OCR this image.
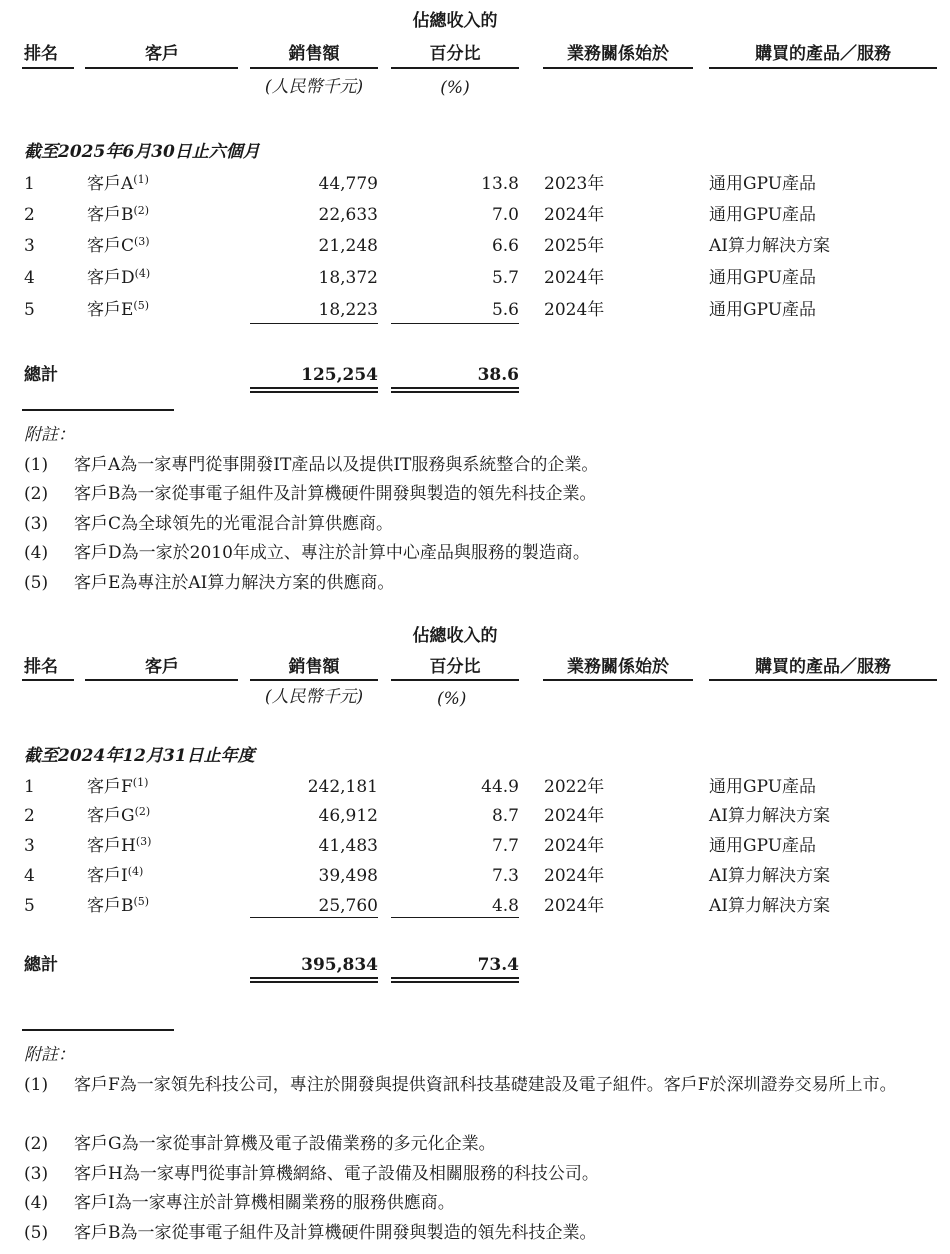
佔總收入的
排名	客戶	銷售額	百分比	業務關係始於	購買的產品／服務
(人民幣千元)	(%)
截至2025年6月30日止六個月
1	客戶$A^{(1)}$	44,779	13.8 2023年	通用GPU產品
2	客戶$B^{(2)}$	22,633	7.0 2024年	通用GPU產品
3	客戶$C^{(3)}$	21,248	6.6 2025年	AI算力解決方案
4	客戶$D^{(4)}$	18,372	5.7 2024年	通用GPU產品
5	客戶$E^{(5)}$	18,223	5.6 2024年	通用GPU產品
總計	125,254	38.6
附註：
(1) 客戶A為一家專門從事開發IT產品以及提供IT服務與系統整合的企業。
(2) 客戶B為一家從事電子組件及計算機硬件開發與製造的領先科技企業。
(3) 客戶C為全球領先的光電混合計算供應商。
(4) 客戶D為一家於2010年成立、專注於計算中心產品與服務的製造商。
(5) 客戶E為專注於AI算力解決方案的供應商。
佔總收入的
排名	客戶	銷售額	百分比	業務關係始於	購買的產品／服務
(人民幣千元)	(%)
截至2024年12月31日止年度
1	客戶$F^{(1)}$	242,181	44.9 2022年	通用GPU產品
2	客戶$G^{(2)}$	46,912	8.7 2024年	AI算力解決方案
3	客戶$H^{(3)}$	41,483	7.7 2024年	通用GPU產品
4	客戶$I^{(4)}$	39,498	7.3 2024年	AI算力解決方案
5	客戶$B^{(5)}$	25,760	4.8 2024年	AI算力解決方案
總計	395,834	73.4
附註：
(1) 客戶F為一家領先科技公司，專注於開發與提供資訊科技基礎建設及電子組件。客戶F於深圳證券交易所上市。
(2) 客戶G為一家從事計算機及電子設備業務的多元化企業。
(3) 客戶H為一家專門從事計算機網絡、電子設備及相關服務的科技公司。
(4) 客戶I為一家專注於計算機相關業務的服務供應商。
(5) 客戶B為一家從事電子組件及計算機硬件開發與製造的領先科技企業。
